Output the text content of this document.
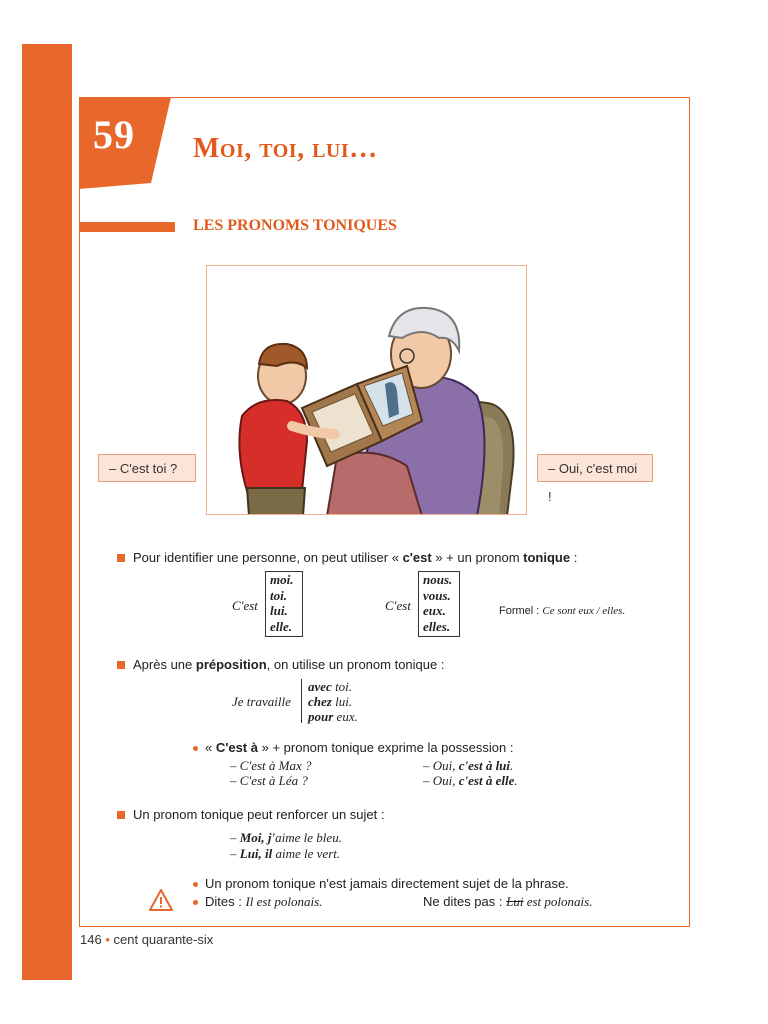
59 Moi, toi, lui…
LES PRONOMS TONIQUES
– C'est toi ?	– Oui, c'est moi !
Pour identifier une personne, on peut utiliser « c'est » + un pronom tonique :
C'est
moi.
toi.
lui.
elle.
C'est
nous.
vous.
eux.
elles.
Formel : Ce sont eux / elles.
Après une préposition, on utilise un pronom tonique :
Je travaille
avec toi.
chez lui.
pour eux.
« C'est à » + pronom tonique exprime la possession :
– C'est à Max ?
– C'est à Léa ?
– Oui, c'est à lui.
– Oui, c'est à elle.
Un pronom tonique peut renforcer un sujet :
– Moi, j'aime le bleu.
– Lui, il aime le vert.
Un pronom tonique n'est jamais directement sujet de la phrase.
Dites : Il est polonais.	Ne dites pas : Lui est polonais.
146 • cent quarante-six
